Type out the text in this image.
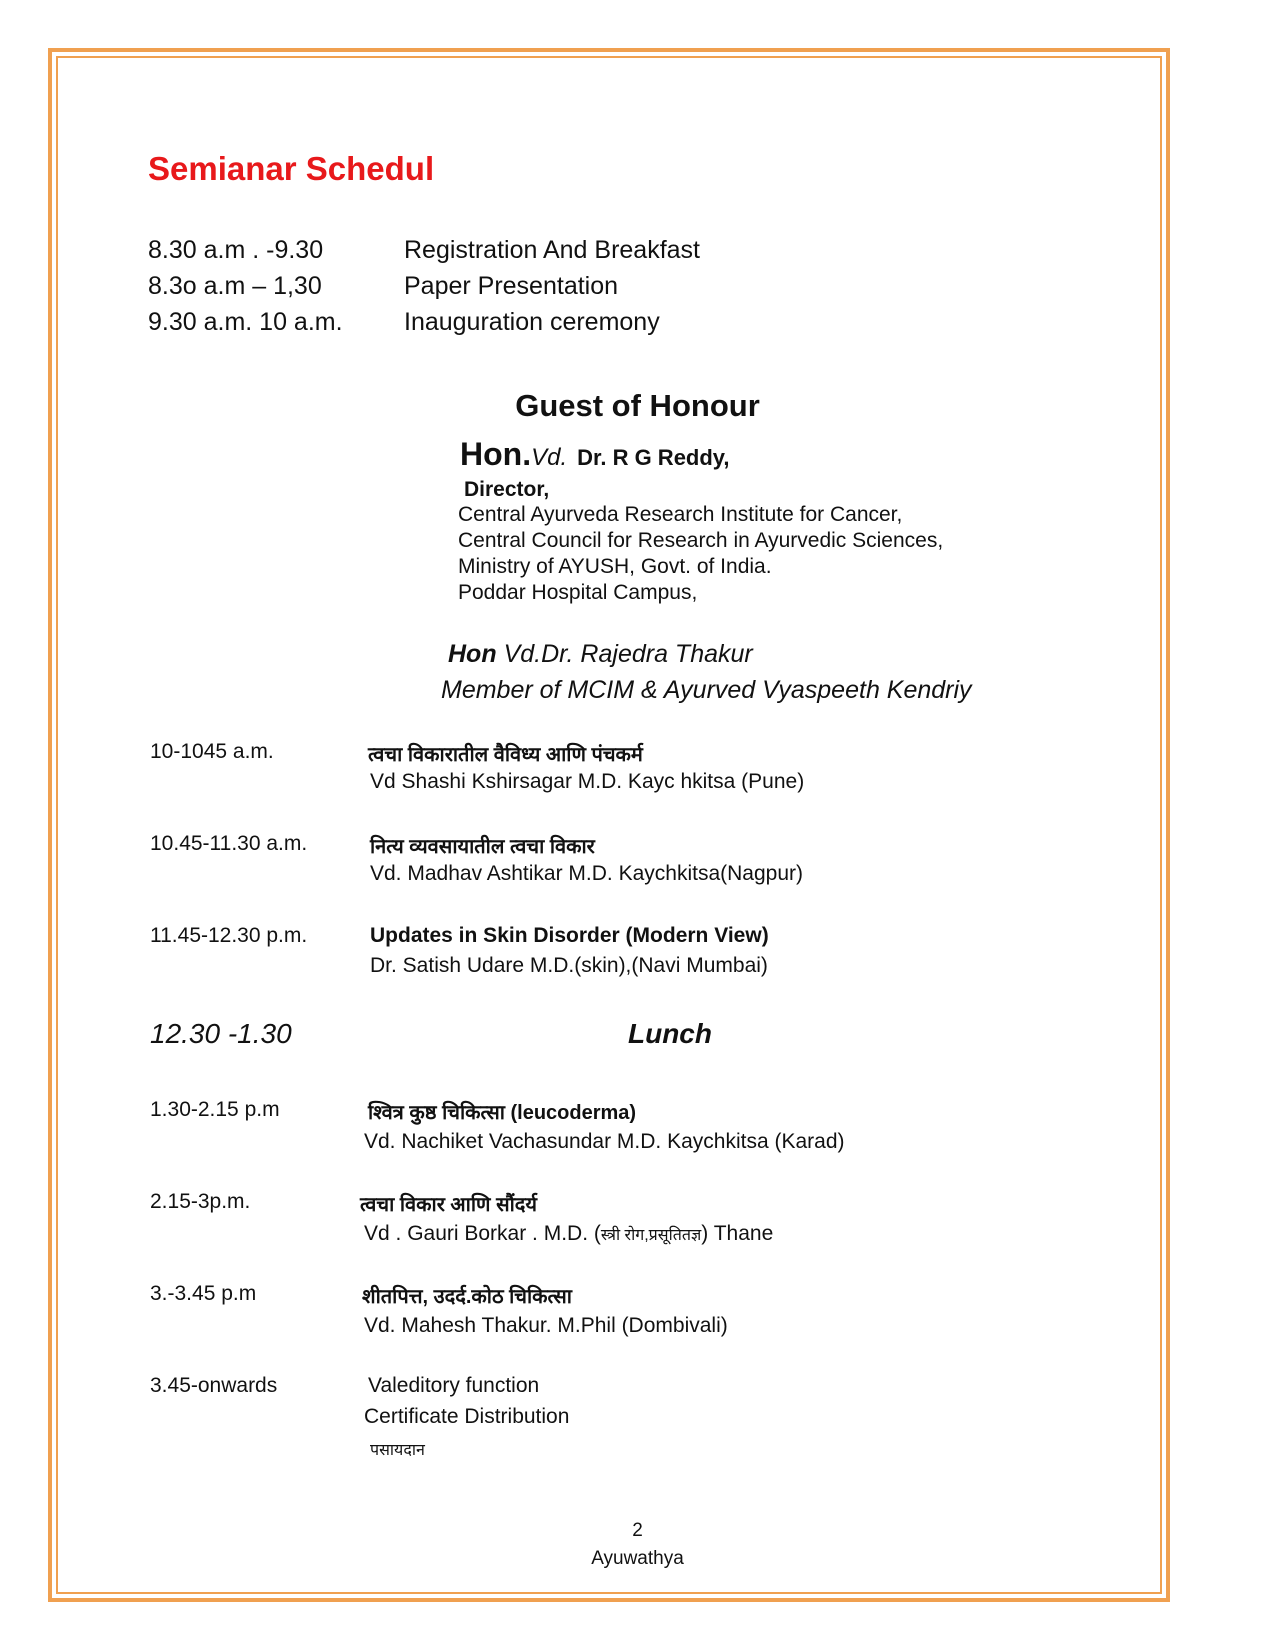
Semianar Schedul
8.30 a.m . -9.30	Registration And Breakfast
8.3o a.m – 1,30	Paper Presentation
9.30 a.m. 10 a.m. Inauguration ceremony
Guest of Honour
Hon.Vd. Dr. R G Reddy,
Director,
Central Ayurveda Research Institute for Cancer,
Central Council for Research in Ayurvedic Sciences,
Ministry of AYUSH, Govt. of India.
Poddar Hospital Campus,
Hon Vd.Dr. Rajedra Thakur
Member of MCIM & Ayurved Vyaspeeth Kendriy
10-1045 a.m.	त्वचा विकारातील वैविध्य आणि पंचकर्म
Vd Shashi Kshirsagar M.D. Kayc hkitsa (Pune)
10.45-11.30 a.m.	नित्य व्यवसायातील त्वचा विकार
Vd. Madhav Ashtikar M.D. Kaychkitsa(Nagpur)
11.45-12.30 p.m.	Updates in Skin Disorder (Modern View)
Dr. Satish Udare M.D.(skin),(Navi Mumbai)
12.30 -1.30	Lunch
1.30-2.15 p.m	श्वित्र कुष्ठ चिकित्सा (leucoderma)
Vd. Nachiket Vachasundar M.D. Kaychkitsa (Karad)
2.15-3p.m.	त्वचा विकार आणि सौंदर्य
Vd . Gauri Borkar . M.D. (स्त्री रोग,प्रसूतितज्ञ) Thane
3.-3.45 p.m	शीतपित्त, उदर्द.कोठ चिकित्सा
Vd. Mahesh Thakur. M.Phil (Dombivali)
3.45-onwards	Valeditory function
Certificate Distribution
पसायदान
2
Ayuwathya
